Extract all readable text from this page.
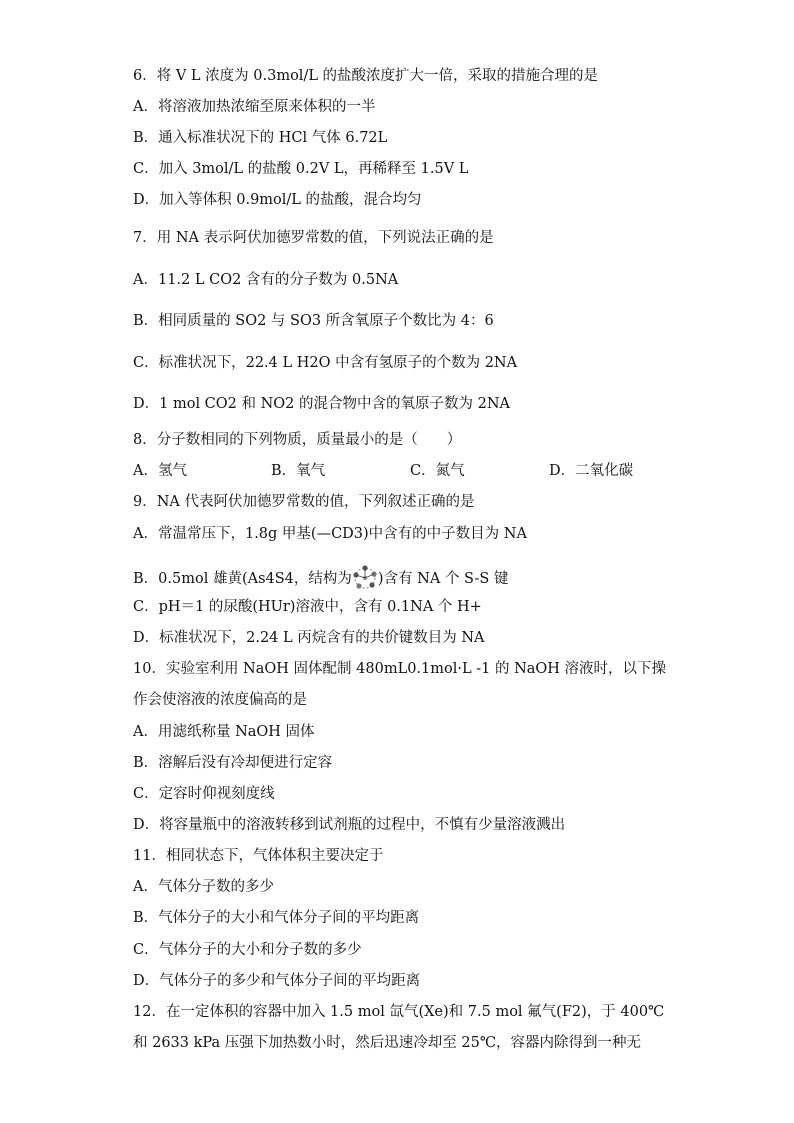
6．将 V L 浓度为 0.3mol/L 的盐酸浓度扩大一倍，采取的措施合理的是
A．将溶液加热浓缩至原来体积的一半
B．通入标准状况下的 HCl 气体 6.72L
C．加入 3mol/L 的盐酸 0.2V L，再稀释至 1.5V L
D．加入等体积 0.9mol/L 的盐酸，混合均匀
7．用 NA 表示阿伏加德罗常数的值，下列说法正确的是
A．11.2 L CO2 含有的分子数为 0.5NA
B．相同质量的 SO2 与 SO3 所含氧原子个数比为 4：6
C．标准状况下，22.4 L H2O 中含有氢原子的个数为 2NA
D．1 mol CO2 和 NO2 的混合物中含的氧原子数为 2NA
8．分子数相同的下列物质，质量最小的是（　　）
A．氢气	B．氧气	C．氮气	D．二氧化碳
9．NA 代表阿伏加德罗常数的值，下列叙述正确的是
A．常温常压下，1.8g 甲基(—CD3)中含有的中子数目为 NA
B．0.5mol 雄黄(As4S4，结构为 )含有 NA 个 S-S 键
C．pH＝1 的尿酸(HUr)溶液中，含有 0.1NA 个 H+
D．标准状况下，2.24 L 丙烷含有的共价键数目为 NA
10．实验室利用 NaOH 固体配制 480mL0.1mol·L -1 的 NaOH 溶液时，以下操
作会使溶液的浓度偏高的是
A．用滤纸称量 NaOH 固体
B．溶解后没有冷却便进行定容
C．定容时仰视刻度线
D．将容量瓶中的溶液转移到试剂瓶的过程中，不慎有少量溶液溅出
11．相同状态下，气体体积主要决定于
A．气体分子数的多少
B．气体分子的大小和气体分子间的平均距离
C．气体分子的大小和分子数的多少
D．气体分子的多少和气体分子间的平均距离
12．在一定体积的容器中加入 1.5 mol 氙气(Xe)和 7.5 mol 氟气(F2)，于 400℃
和 2633 kPa 压强下加热数小时，然后迅速冷却至 25℃，容器内除得到一种无
